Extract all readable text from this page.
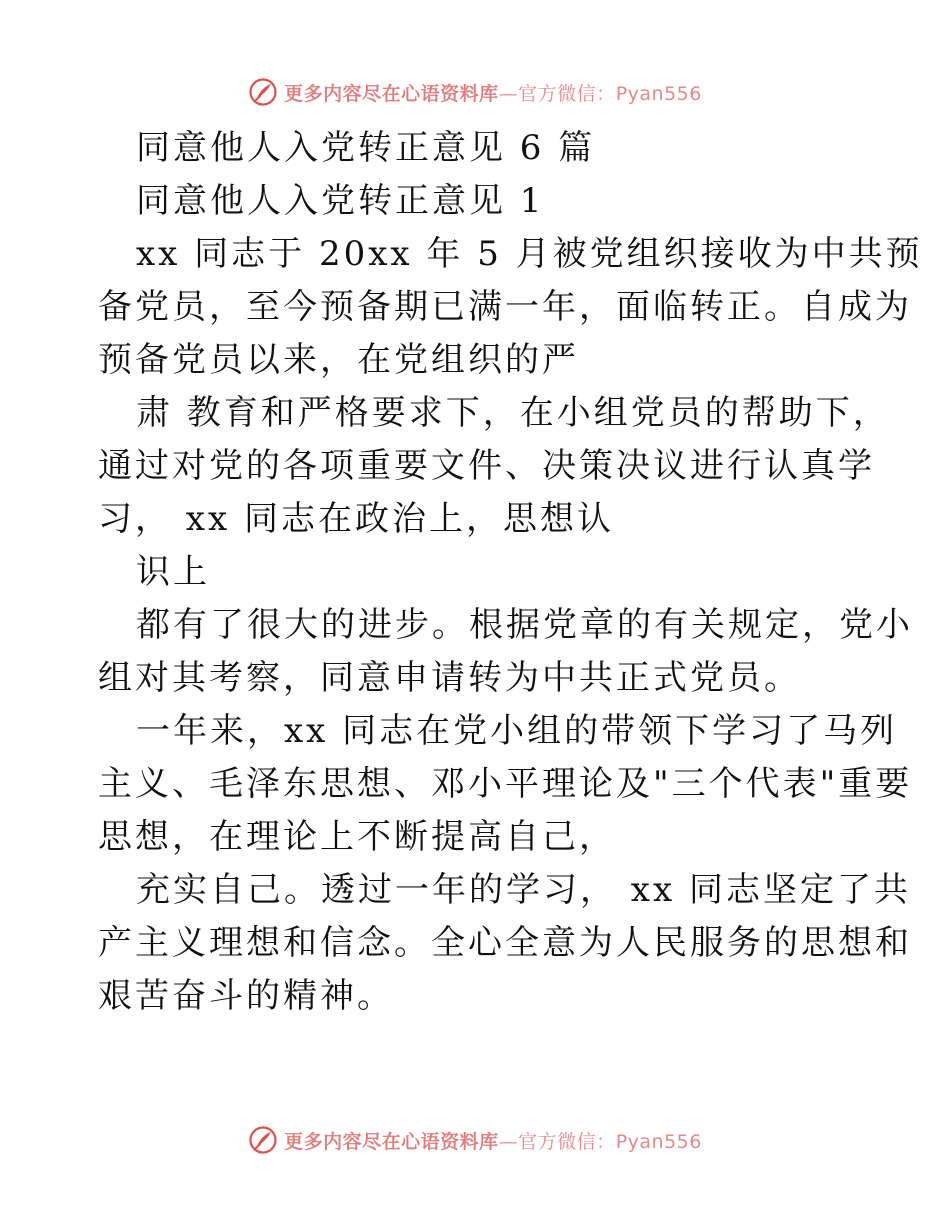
更多内容尽在心语资料库—官方微信：Pyan556
同意他人入党转正意见 6 篇
同意他人入党转正意见 1
xx 同志于 20xx 年 5 月被党组织接收为中共预
备党员，至今预备期已满一年，面临转正。自成为
预备党员以来，在党组织的严
肃 教育和严格要求下，在小组党员的帮助下，
通过对党的各项重要文件、决策决议进行认真学
习， xx 同志在政治上，思想认
识上
都有了很大的进步。根据党章的有关规定，党小
组对其考察，同意申请转为中共正式党员。
一年来，xx 同志在党小组的带领下学习了马列
主义、毛泽东思想、邓小平理论及"三个代表"重要
思想，在理论上不断提高自己，
充实自己。透过一年的学习， xx 同志坚定了共
产主义理想和信念。全心全意为人民服务的思想和
艰苦奋斗的精神。
更多内容尽在心语资料库—官方微信：Pyan556
